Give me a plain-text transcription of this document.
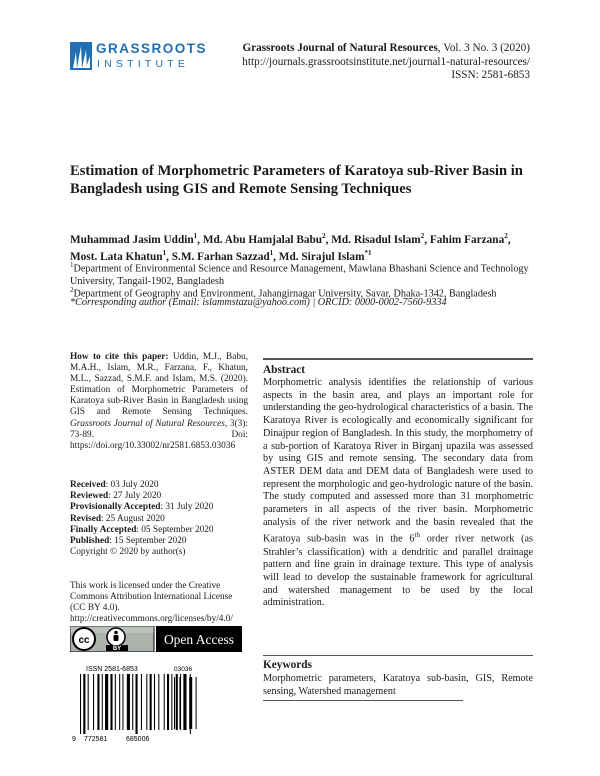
GRASSROOTS
INSTITUTE
Grassroots Journal of Natural Resources, Vol. 3 No. 3 (2020)
http://journals.grassrootsinstitute.net/journal1-natural-resources/
ISSN: 2581-6853
Estimation of Morphometric Parameters of Karatoya sub-River Basin in Bangladesh using GIS and Remote Sensing Techniques
Muhammad Jasim Uddin$^1$, Md. Abu Hamjalal Babu$^2$, Md. Risadul Islam$^2$, Fahim Farzana$^2$, Most. Lata Khatun$^1$, S.M. Farhan Sazzad$^1$, Md. Sirajul Islam$^{*1}$
$^1$Department of Environmental Science and Resource Management, Mawlana Bhashani Science and Technology University, Tangail-1902, Bangladesh
$^2$Department of Geography and Environment, Jahangirnagar University, Savar, Dhaka-1342, Bangladesh
*Corresponding author (Email: islammstazu@yahoo.com) | ORCID: 0000-0002-7560-9334
How to cite this paper: Uddin, M.J., Babu, M.A.H., Islam, M.R., Farzana, F., Khatun, M.L., Sazzad, S.M.F. and Islam, M.S. (2020). Estimation of Morphometric Parameters of Karatoya sub-River Basin in Bangladesh using GIS and Remote Sensing Techniques. Grassroots Journal of Natural Resources, 3(3): 73-89. Doi: https://doi.org/10.33002/nr2581.6853.03036
Received: 03 July 2020
Reviewed: 27 July 2020
Provisionally Accepted: 31 July 2020
Revised: 25 August 2020
Finally Accepted: 05 September 2020
Published: 15 September 2020
Copyright © 2020 by author(s)
This work is licensed under the Creative Commons Attribution International License (CC BY 4.0).
http://creativecommons.org/licenses/by/4.0/
cc
BY
Open Access
ISSN 2581-6853	03036
9 772581	685006
Abstract
Morphometric analysis identifies the relationship of various aspects in the basin area, and plays an important role for understanding the geo-hydrological characteristics of a basin. The Karatoya River is ecologically and economically significant for Dinajpur region of Bangladesh. In this study, the morphometry of a sub-portion of Karatoya River in Birganj upazila was assessed by using GIS and remote sensing. The secondary data from ASTER DEM data and DEM data of Bangladesh were used to represent the morphologic and geo-hydrologic nature of the basin. The study computed and assessed more than 31 morphometric parameters in all aspects of the river basin. Morphometric analysis of the river network and the basin revealed that the Karatoya sub-basin was in the 6th order river network (as Strahler’s classification) with a dendritic and parallel drainage pattern and fine grain in drainage texture. This type of analysis will lead to develop the sustainable framework for agricultural and watershed management to be used by the local administration.
Keywords
Morphometric parameters, Karatoya sub-basin, GIS, Remote sensing, Watershed management
